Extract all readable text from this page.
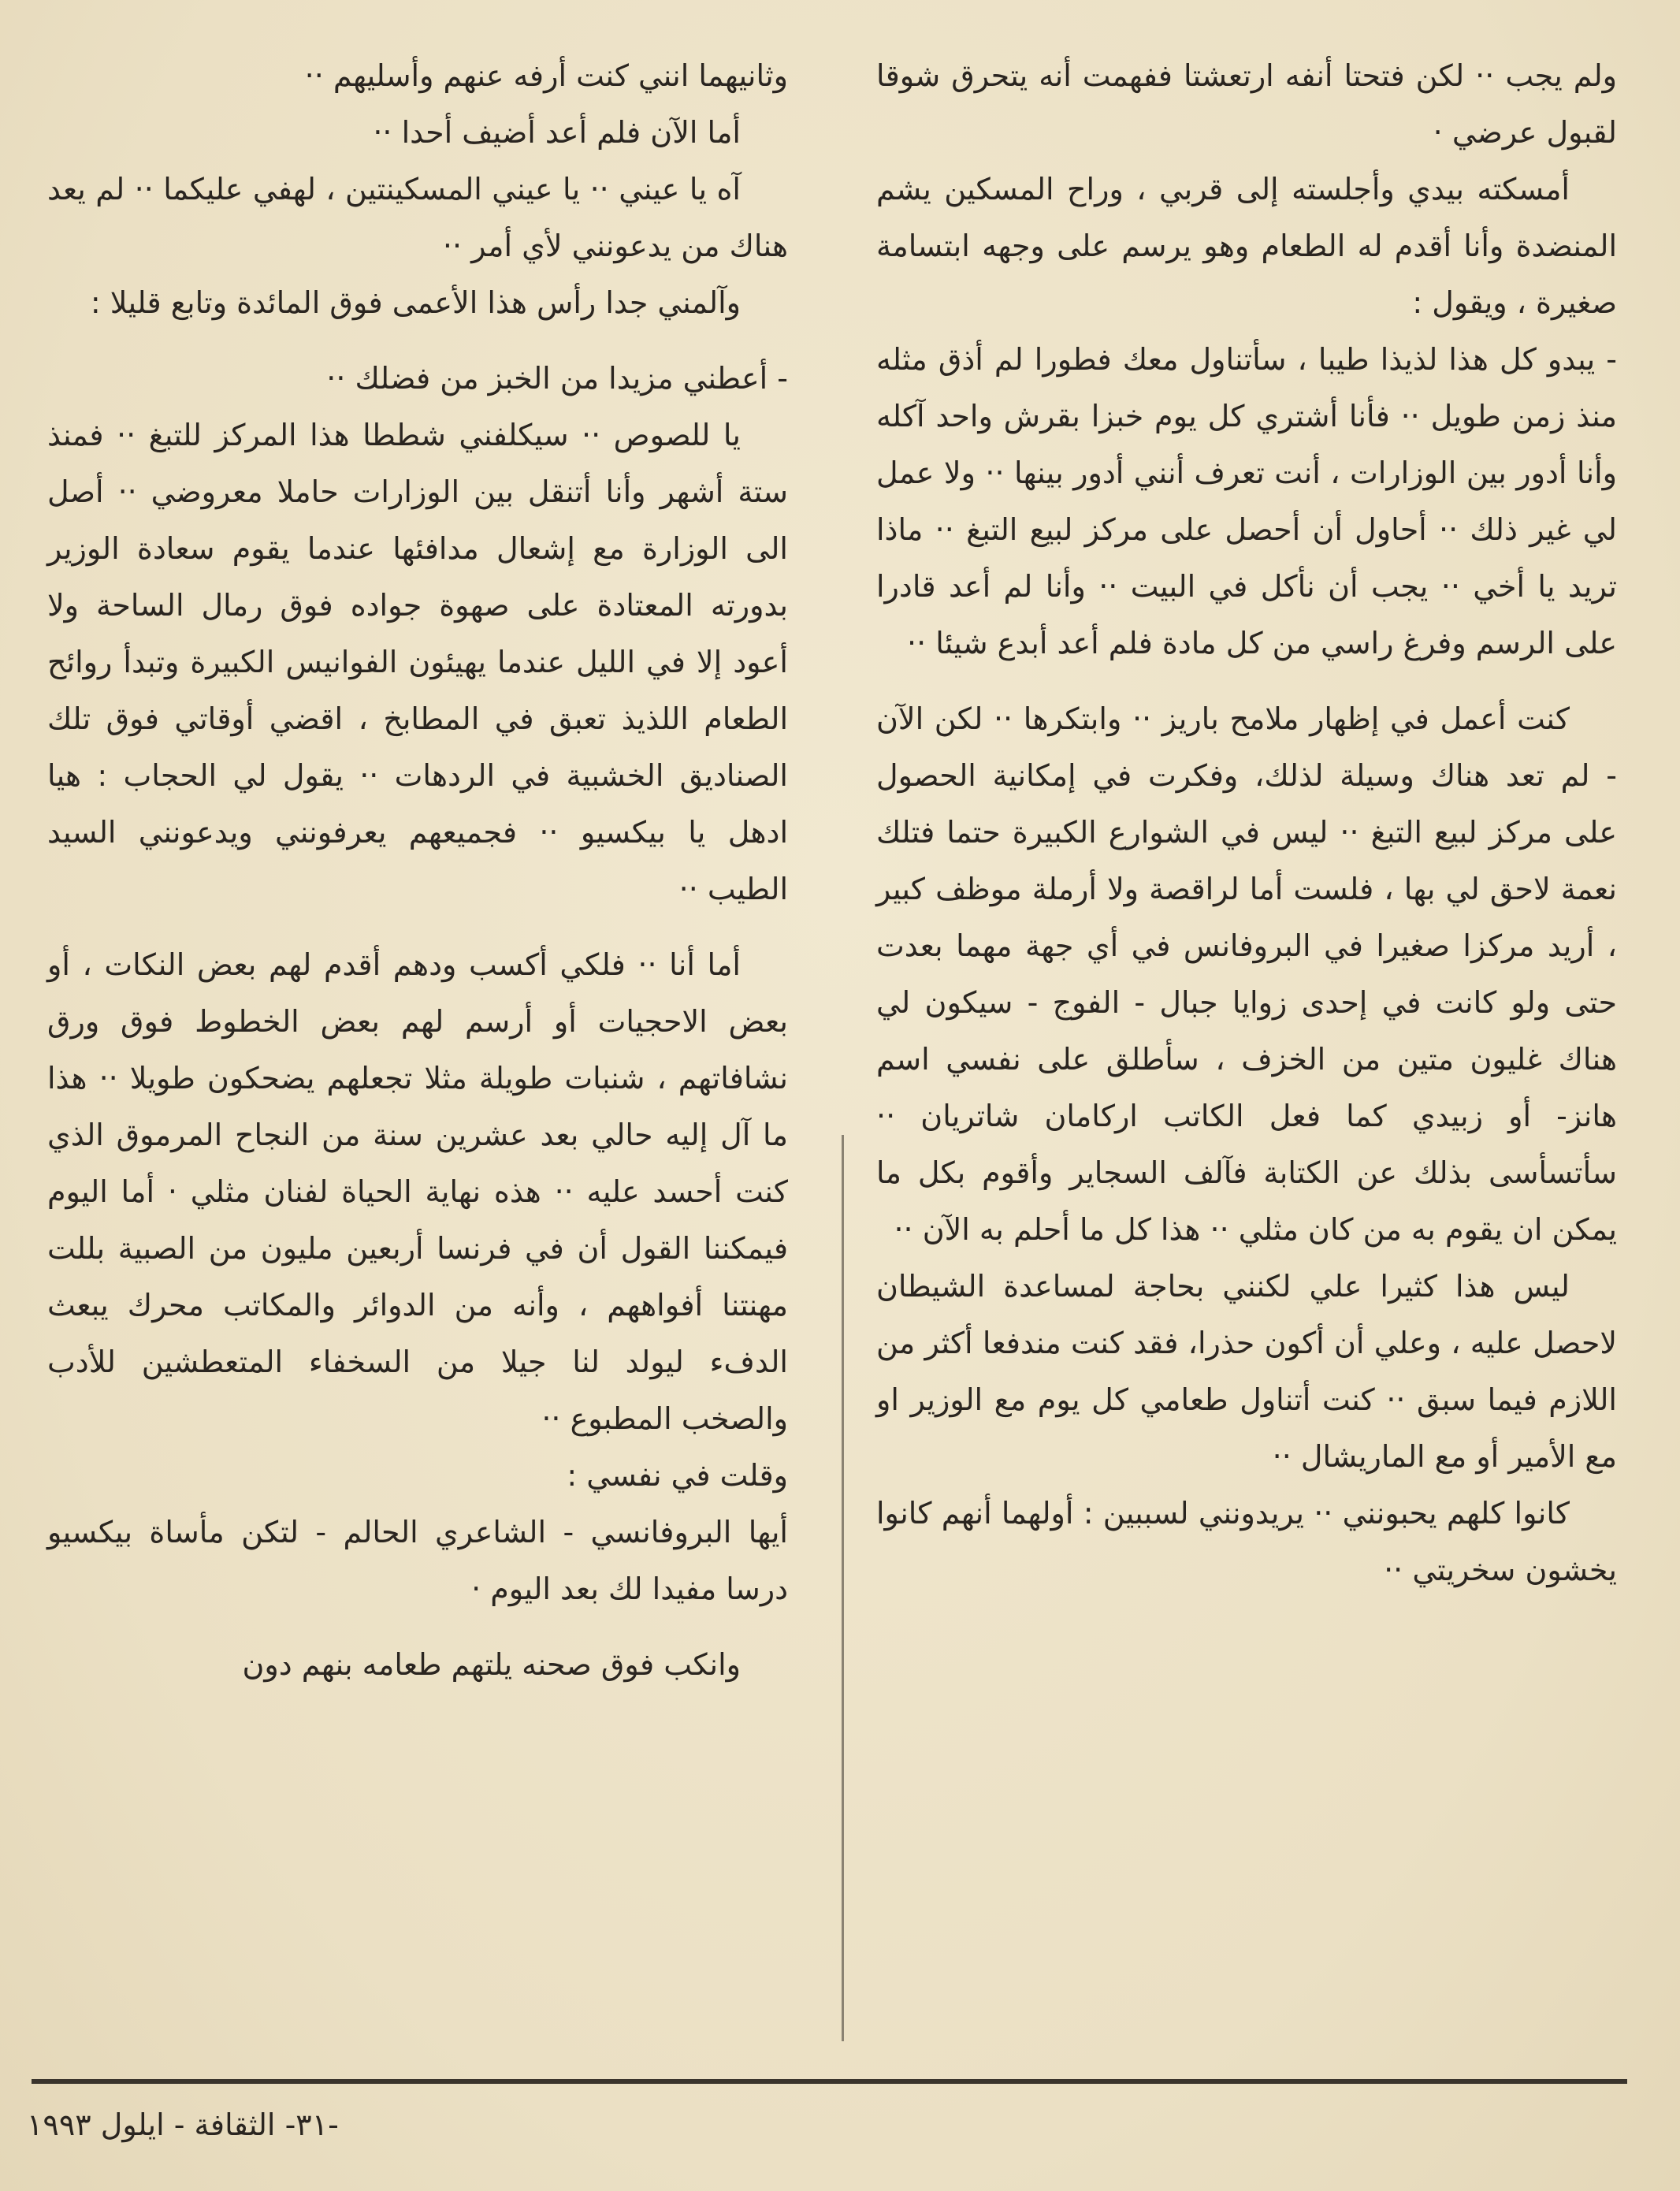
ولم يجب ·· لكن فتحتا أنفه ارتعشتا ففهمت أنه يتحرق شوقا لقبول عرضي ·

أمسكته بيدي وأجلسته إلى قربي ، وراح المسكين يشم المنضدة وأنا أقدم له الطعام وهو يرسم على وجهه ابتسامة صغيرة ، ويقول :

- يبدو كل هذا لذيذا طيبا ، سأتناول معك فطورا لم أذق مثله منذ زمن طويل ·· فأنا أشتري كل يوم خبزا بقرش واحد آكله وأنا أدور بين الوزارات ، أنت تعرف أنني أدور بينها ·· ولا عمل لي غير ذلك ·· أحاول أن أحصل على مركز لبيع التبغ ·· ماذا تريد يا أخي ·· يجب أن نأكل في البيت ·· وأنا لم أعد قادرا على الرسم وفرغ راسي من كل مادة فلم أعد أبدع شيئا ··

كنت أعمل في إظهار ملامح باريز ·· وابتكرها ·· لكن الآن - لم تعد هناك وسيلة لذلك، وفكرت في إمكانية الحصول على مركز لبيع التبغ ·· ليس في الشوارع الكبيرة حتما فتلك نعمة لاحق لي بها ، فلست أما لراقصة ولا أرملة موظف كبير ، أريد مركزا صغيرا في البروفانس في أي جهة مهما بعدت حتى ولو كانت في إحدى زوايا جبال - الفوج - سيكون لي هناك غليون متين من الخزف ، سأطلق على نفسي اسم هانز- أو زبيدي كما فعل الكاتب اركامان شاتريان ·· سأتسأسى بذلك عن الكتابة فآلف السجاير وأقوم بكل ما يمكن ان يقوم به من كان مثلي ·· هذا كل ما أحلم به الآن ··

ليس هذا كثيرا علي لكنني بحاجة لمساعدة الشيطان لاحصل عليه ، وعلي أن أكون حذرا، فقد كنت مندفعا أكثر من اللازم فيما سبق ·· كنت أتناول طعامي كل يوم مع الوزير او مع الأمير أو مع الماريشال ··

كانوا كلهم يحبونني ·· يريدونني لسببين : أولهما أنهم كانوا يخشون سخريتي ··

وثانيهما انني كنت أرفه عنهم وأسليهم ··

أما الآن فلم أعد أضيف أحدا ··

آه يا عيني ·· يا عيني المسكينتين ، لهفي عليكما ·· لم يعد هناك من يدعونني لأي أمر ··

وآلمني جدا رأس هذا الأعمى فوق المائدة وتابع قليلا :

- أعطني مزيدا من الخبز من فضلك ··

يا للصوص ·· سيكلفني شططا هذا المركز للتبغ ·· فمنذ ستة أشهر وأنا أتنقل بين الوزارات حاملا معروضي ·· أصل الى الوزارة مع إشعال مدافئها عندما يقوم سعادة الوزير بدورته المعتادة على صهوة جواده فوق رمال الساحة ولا أعود إلا في الليل عندما يهيئون الفوانيس الكبيرة وتبدأ روائح الطعام اللذيذ تعبق في المطابخ ، اقضي أوقاتي فوق تلك الصناديق الخشبية في الردهات ·· يقول لي الحجاب : هيا ادهل يا بيكسيو ·· فجميعهم يعرفونني ويدعونني السيد الطيب ··

أما أنا ·· فلكي أكسب ودهم أقدم لهم بعض النكات ، أو بعض الاحجيات أو أرسم لهم بعض الخطوط فوق ورق نشافاتهم ، شنبات طويلة مثلا تجعلهم يضحكون طويلا ·· هذا ما آل إليه حالي بعد عشرين سنة من النجاح المرموق الذي كنت أحسد عليه ·· هذه نهاية الحياة لفنان مثلي · أما اليوم فيمكننا القول أن في فرنسا أربعين مليون من الصبية بللت مهنتنا أفواههم ، وأنه من الدوائر والمكاتب محرك يبعث الدفء ليولد لنا جيلا من السخفاء المتعطشين للأدب والصخب المطبوع ··

وقلت في نفسي :

أيها البروفانسي - الشاعري الحالم - لتكن مأساة بيكسيو درسا مفيدا لك بعد اليوم ·

وانكب فوق صحنه يلتهم طعامه بنهم دون

-٣١- الثقافة - ايلول ١٩٩٣
